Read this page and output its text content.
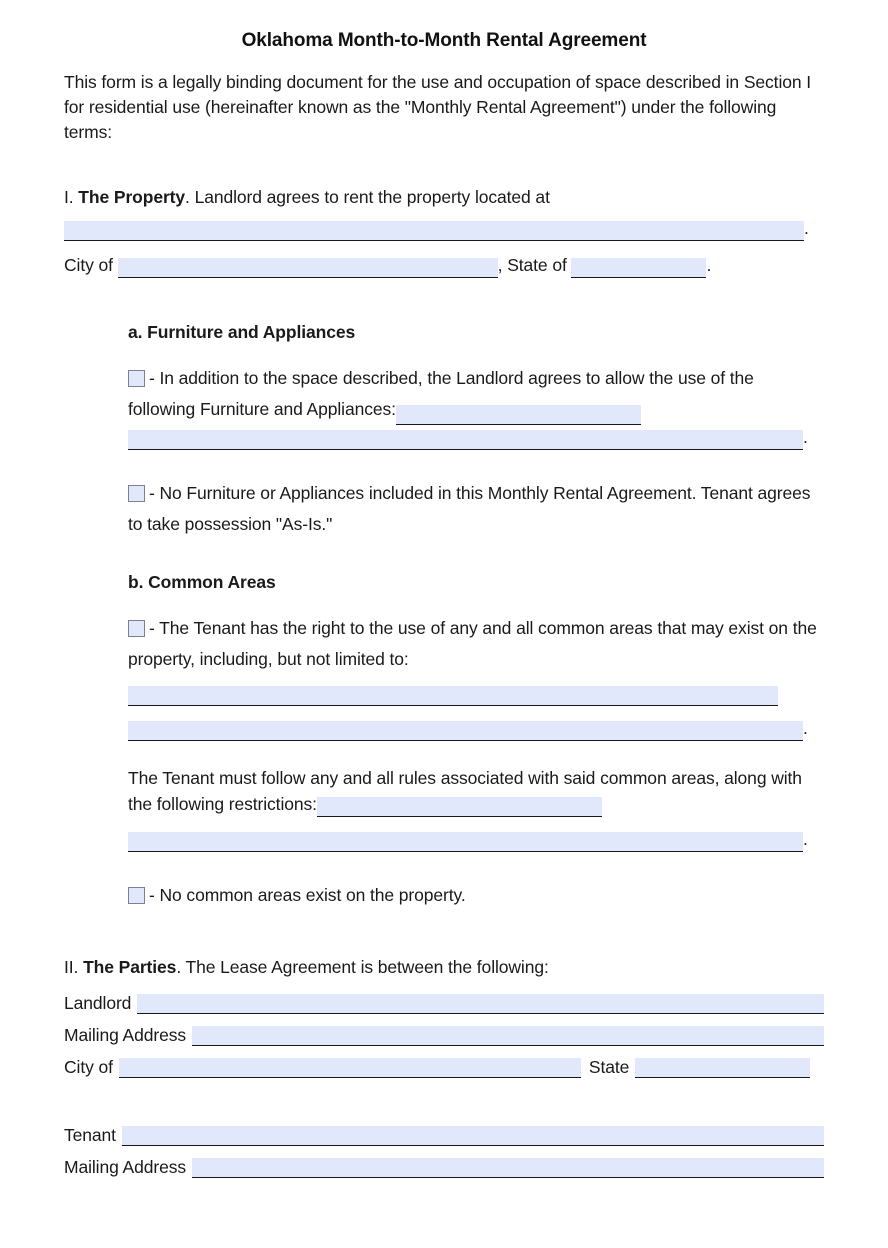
Oklahoma Month-to-Month Rental Agreement

This form is a legally binding document for the use and occupation of space described in Section I for residential use (hereinafter known as the "Monthly Rental Agreement") under the following terms:

I. The Property. Landlord agrees to rent the property located at

.
City of	, State of	.

a. Furniture and Appliances

- In addition to the space described, the Landlord agrees to allow the use of the following Furniture and Appliances:

.

- No Furniture or Appliances included in this Monthly Rental Agreement. Tenant agrees to take possession "As-Is."

b. Common Areas

- The Tenant has the right to the use of any and all common areas that may exist on the property, including, but not limited to:

.

The Tenant must follow any and all rules associated with said common areas, along with the following restrictions:

.

- No common areas exist on the property.

II. The Parties. The Lease Agreement is between the following:

Landlord
Mailing Address
City of	State
Tenant
Mailing Address
